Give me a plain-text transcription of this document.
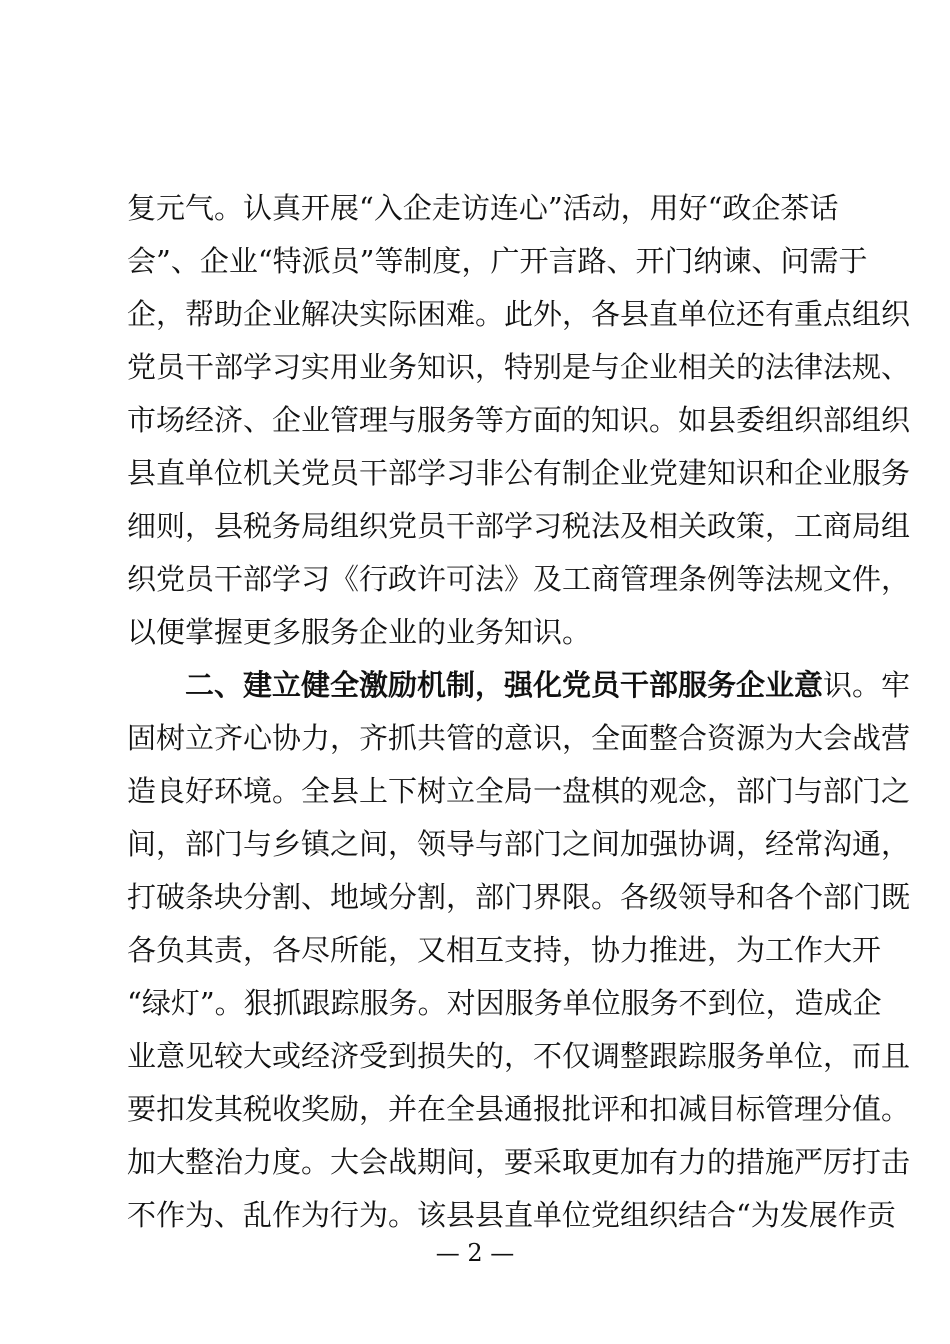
复元气。认真开展“入企走访连心”活动，用好“政企茶话
会”、企业“特派员”等制度，广开言路、开门纳谏、问需于
企，帮助企业解决实际困难。此外，各县直单位还有重点组织
党员干部学习实用业务知识，特别是与企业相关的法律法规、
市场经济、企业管理与服务等方面的知识。如县委组织部组织
县直单位机关党员干部学习非公有制企业党建知识和企业服务
细则，县税务局组织党员干部学习税法及相关政策，工商局组
织党员干部学习《行政许可法》及工商管理条例等法规文件，
以便掌握更多服务企业的业务知识。
二、建立健全激励机制，强化党员干部服务企业意识。牢
固树立齐心协力，齐抓共管的意识，全面整合资源为大会战营
造良好环境。全县上下树立全局一盘棋的观念，部门与部门之
间，部门与乡镇之间，领导与部门之间加强协调，经常沟通，
打破条块分割、地域分割，部门界限。各级领导和各个部门既
各负其责，各尽所能，又相互支持，协力推进，为工作大开
“绿灯”。狠抓跟踪服务。对因服务单位服务不到位，造成企
业意见较大或经济受到损失的，不仅调整跟踪服务单位，而且
要扣发其税收奖励，并在全县通报批评和扣减目标管理分值。
加大整治力度。大会战期间，要采取更加有力的措施严厉打击
不作为、乱作为行为。该县县直单位党组织结合“为发展作贡
— 2 —
